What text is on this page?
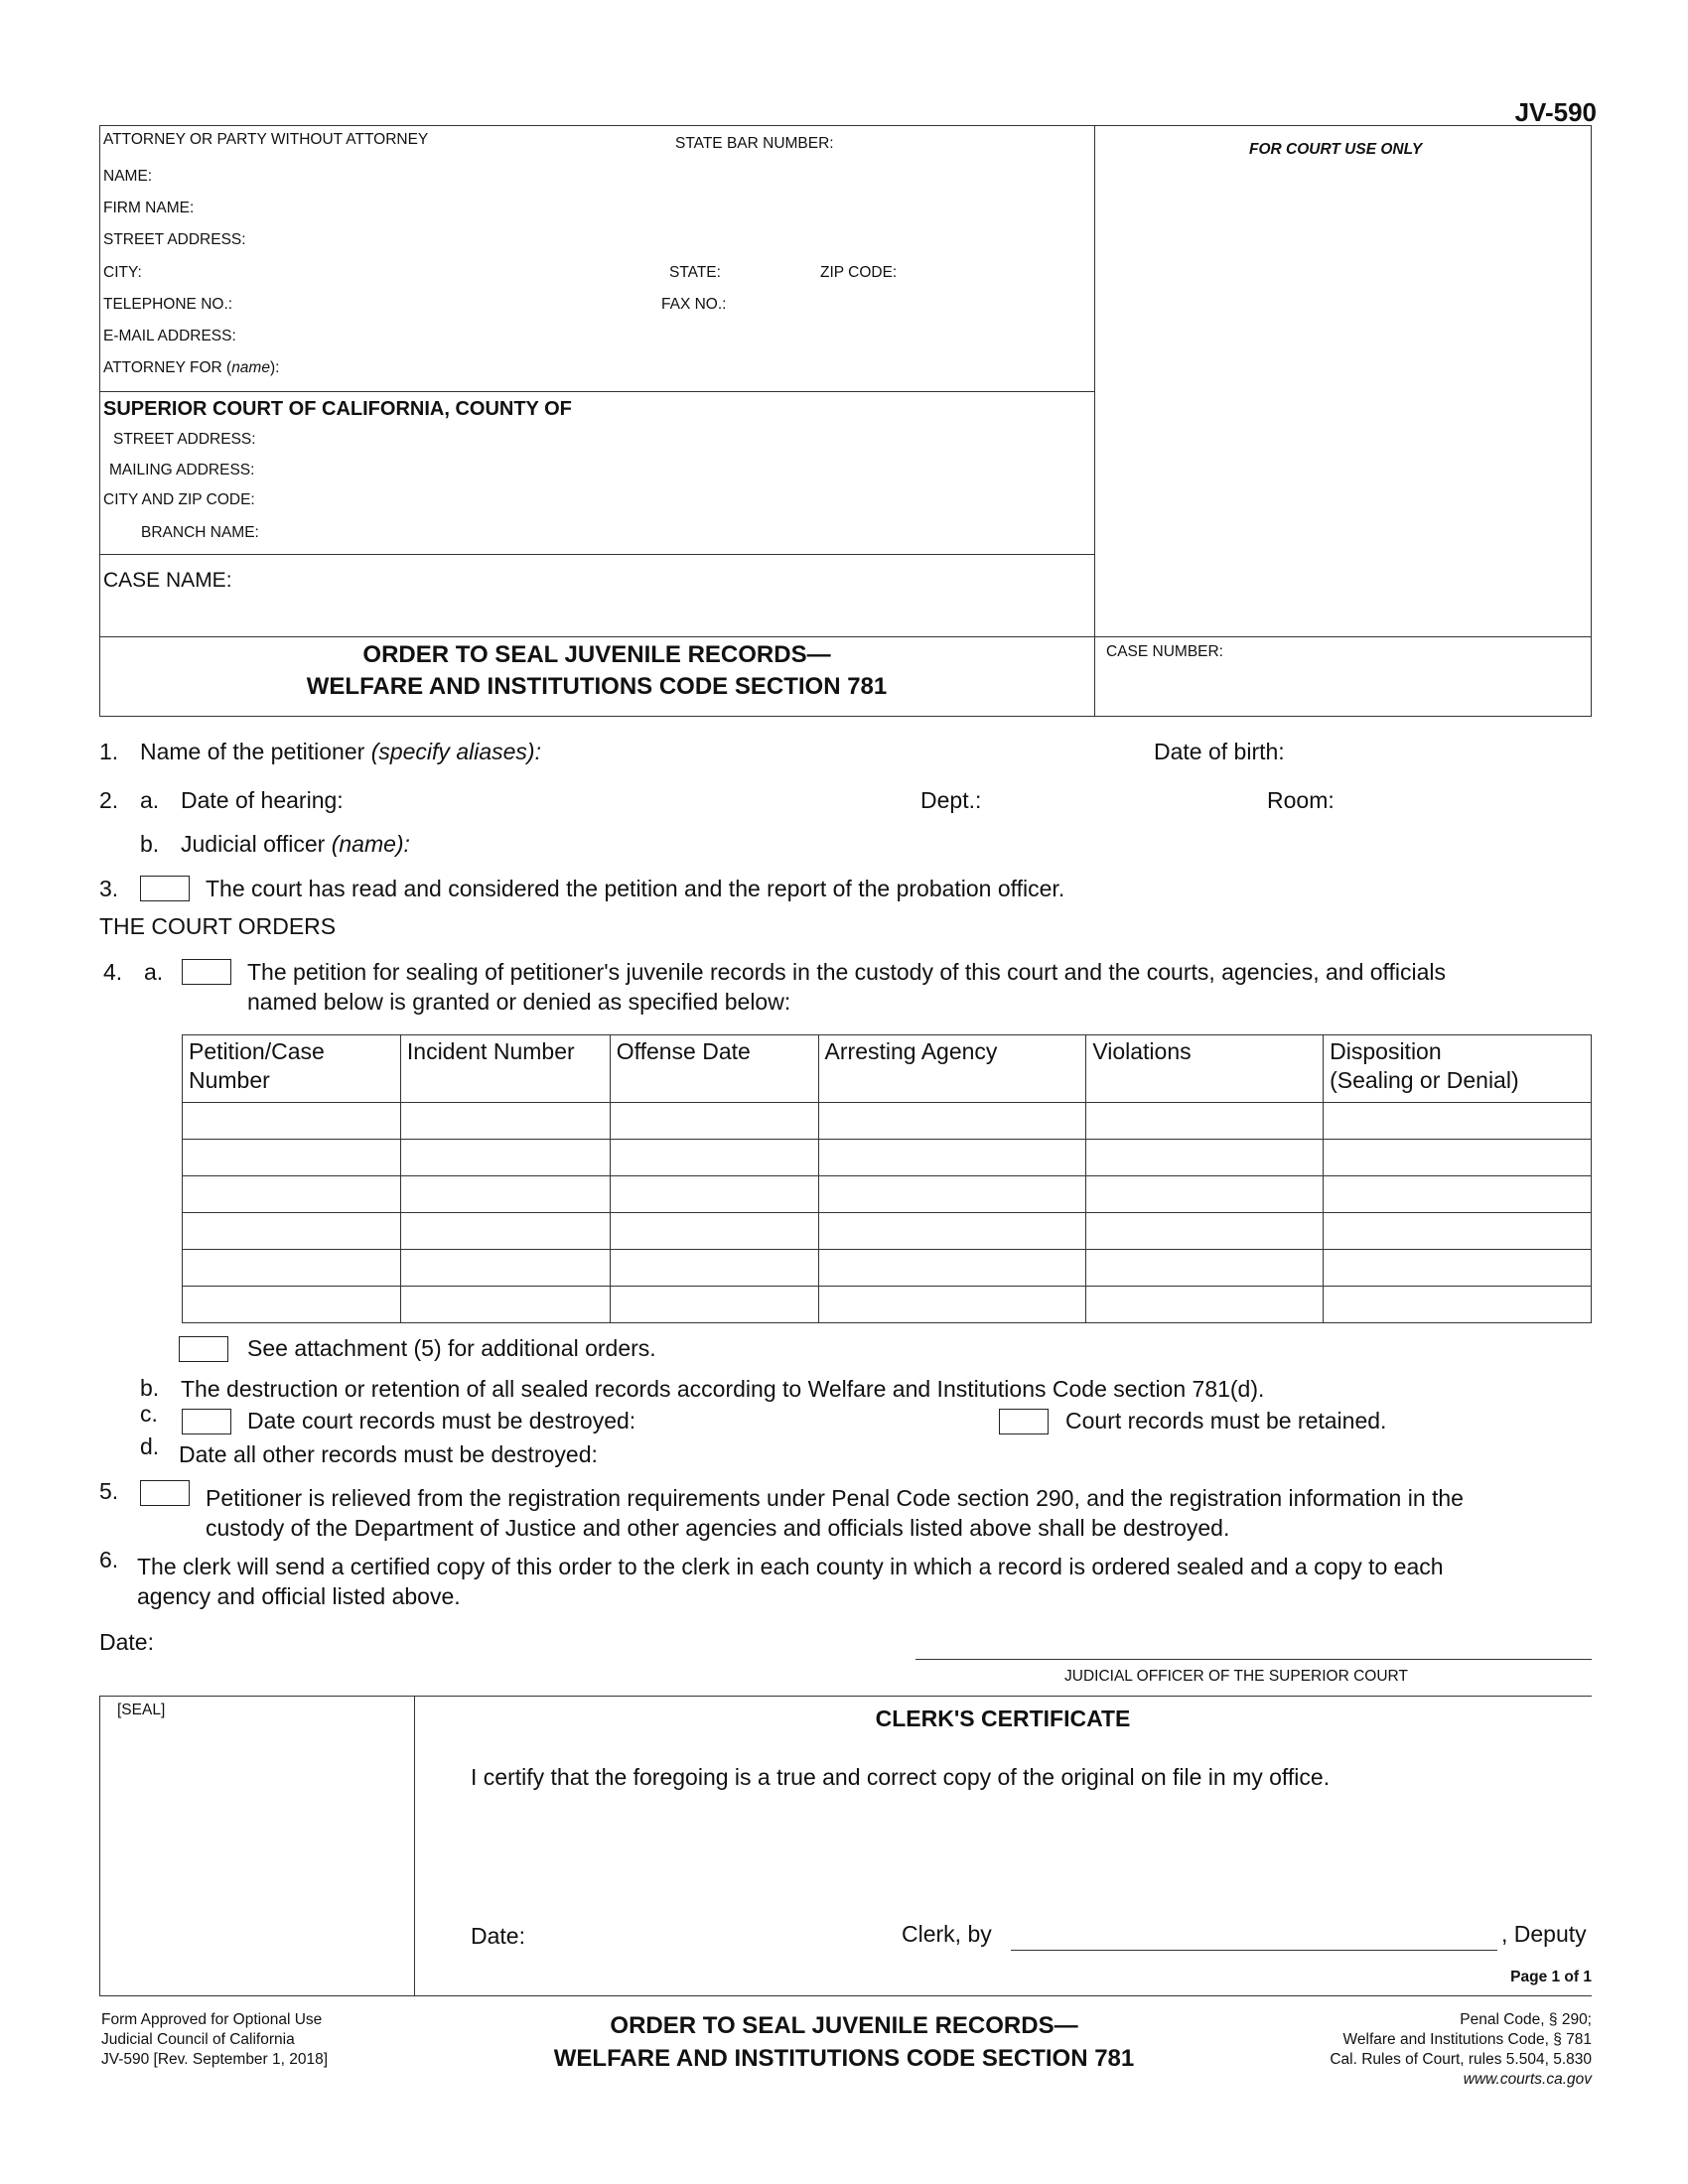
JV-590
ATTORNEY OR PARTY WITHOUT ATTORNEY	STATE BAR NUMBER:	FOR COURT USE ONLY
NAME:
FIRM NAME:
STREET ADDRESS:
CITY:	STATE:	ZIP CODE:
TELEPHONE NO.:	FAX NO.:
E-MAIL ADDRESS:
ATTORNEY FOR (name):
SUPERIOR COURT OF CALIFORNIA, COUNTY OF
STREET ADDRESS:
MAILING ADDRESS:
CITY AND ZIP CODE:
BRANCH NAME:
CASE NAME:
ORDER TO SEAL JUVENILE RECORDS—
WELFARE AND INSTITUTIONS CODE SECTION 781
CASE NUMBER:
1. Name of the petitioner (specify aliases):	Date of birth:
2. a. Date of hearing:	Dept.:	Room:
b. Judicial officer (name):
3.	The court has read and considered the petition and the report of the probation officer.
THE COURT ORDERS
4. a.	The petition for sealing of petitioner's juvenile records in the custody of this court and the courts, agencies, and officials
named below is granted or denied as specified below:
Petition/Case
Number	Incident Number	Offense Date	Arresting Agency	Violations	Disposition
(Sealing or Denial)

See attachment (5) for additional orders.
b. The destruction or retention of all sealed records according to Welfare and Institutions Code section 781(d).
c.	Date court records must be destroyed:	Court records must be retained.
d. Date all other records must be destroyed:
5.	Petitioner is relieved from the registration requirements under Penal Code section 290, and the registration information in the
custody of the Department of Justice and other agencies and officials listed above shall be destroyed.
6. The clerk will send a certified copy of this order to the clerk in each county in which a record is ordered sealed and a copy to each
agency and official listed above.
Date:
JUDICIAL OFFICER OF THE SUPERIOR COURT
[SEAL]	CLERK'S CERTIFICATE
I certify that the foregoing is a true and correct copy of the original on file in my office.
Date:	Clerk, by	, Deputy
Page 1 of 1
Form Approved for Optional Use
Judicial Council of California
JV-590 [Rev. September 1, 2018]
ORDER TO SEAL JUVENILE RECORDS—
WELFARE AND INSTITUTIONS CODE SECTION 781
Penal Code, § 290;
Welfare and Institutions Code, § 781
Cal. Rules of Court, rules 5.504, 5.830
www.courts.ca.gov
